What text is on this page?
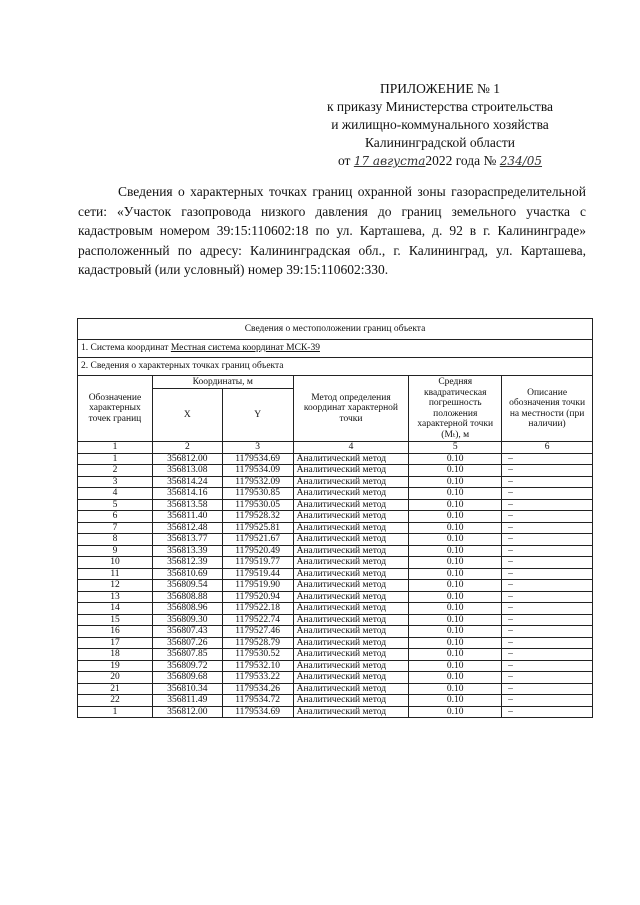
ПРИЛОЖЕНИЕ № 1
к приказу Министерства строительства
и жилищно-коммунального хозяйства
Калининградской области
от 17 августа2022 года № 234/05
Сведения о характерных точках границ охранной зоны газораспределительной сети: «Участок газопровода низкого давления до границ земельного участка с кадастровым номером 39:15:110602:18 по ул. Карташева, д. 92 в г. Калининграде» расположенный по адресу: Калининградская обл., г. Калининград, ул. Карташева, кадастровый (или условный) номер 39:15:110602:330.
Сведения о местоположении границ объекта					
1. Система координат Местная система координат МСК-39					
2. Сведения о характерных точках границ объекта					
Обозначение характерных точек границ	Координаты, м		Метод определения координат характерной точки	Средняя квадратическая погрешность положения характерной точки (Mₜ), м	Описание обозначения точки на местности (при наличии)
	X	Y			
1	2	3	4	5	6
1	356812.00	1179534.69	Аналитический метод	0.10	–
2	356813.08	1179534.09	Аналитический метод	0.10	–
3	356814.24	1179532.09	Аналитический метод	0.10	–
4	356814.16	1179530.85	Аналитический метод	0.10	–
5	356813.58	1179530.05	Аналитический метод	0.10	–
6	356811.40	1179528.32	Аналитический метод	0.10	–
7	356812.48	1179525.81	Аналитический метод	0.10	–
8	356813.77	1179521.67	Аналитический метод	0.10	–
9	356813.39	1179520.49	Аналитический метод	0.10	–
10	356812.39	1179519.77	Аналитический метод	0.10	–
11	356810.69	1179519.44	Аналитический метод	0.10	–
12	356809.54	1179519.90	Аналитический метод	0.10	–
13	356808.88	1179520.94	Аналитический метод	0.10	–
14	356808.96	1179522.18	Аналитический метод	0.10	–
15	356809.30	1179522.74	Аналитический метод	0.10	–
16	356807.43	1179527.46	Аналитический метод	0.10	–
17	356807.26	1179528.79	Аналитический метод	0.10	–
18	356807.85	1179530.52	Аналитический метод	0.10	–
19	356809.72	1179532.10	Аналитический метод	0.10	–
20	356809.68	1179533.22	Аналитический метод	0.10	–
21	356810.34	1179534.26	Аналитический метод	0.10	–
22	356811.49	1179534.72	Аналитический метод	0.10	–
1	356812.00	1179534.69	Аналитический метод	0.10	–
